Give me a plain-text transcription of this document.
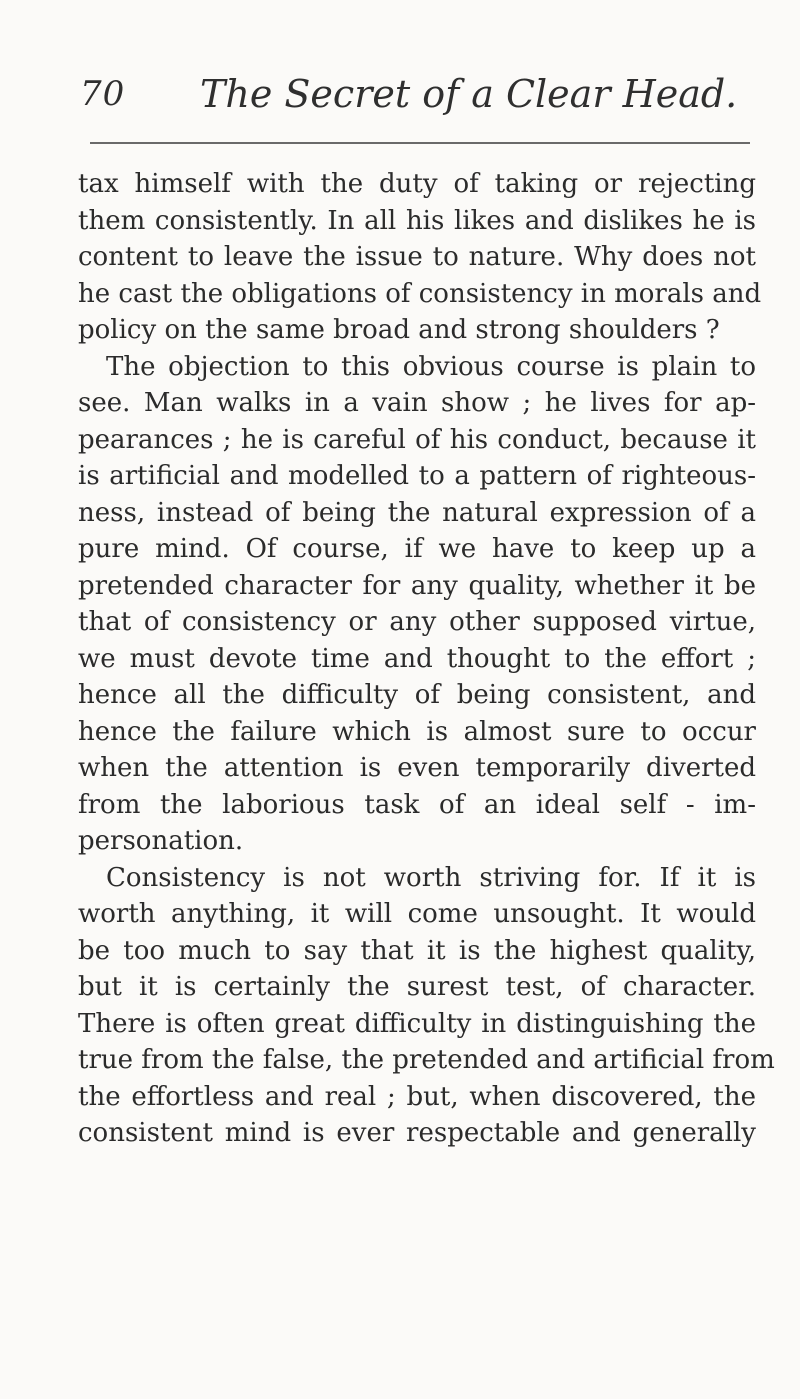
70 The Secret of a Clear Head.
tax himself with the duty of taking or rejecting
them consistently. In all his likes and dislikes he is
content to leave the issue to nature. Why does not
he cast the obligations of consistency in morals and
policy on the same broad and strong shoulders ?
The objection to this obvious course is plain to
see. Man walks in a vain show ; he lives for ap-
pearances ; he is careful of his conduct, because it
is artificial and modelled to a pattern of righteous-
ness, instead of being the natural expression of a
pure mind. Of course, if we have to keep up a
pretended character for any quality, whether it be
that of consistency or any other supposed virtue,
we must devote time and thought to the effort ;
hence all the difficulty of being consistent, and
hence the failure which is almost sure to occur
when the attention is even temporarily diverted
from the laborious task of an ideal self - im-
personation.
Consistency is not worth striving for. If it is
worth anything, it will come unsought. It would
be too much to say that it is the highest quality,
but it is certainly the surest test, of character.
There is often great difficulty in distinguishing the
true from the false, the pretended and artificial from
the effortless and real ; but, when discovered, the
consistent mind is ever respectable and generally
